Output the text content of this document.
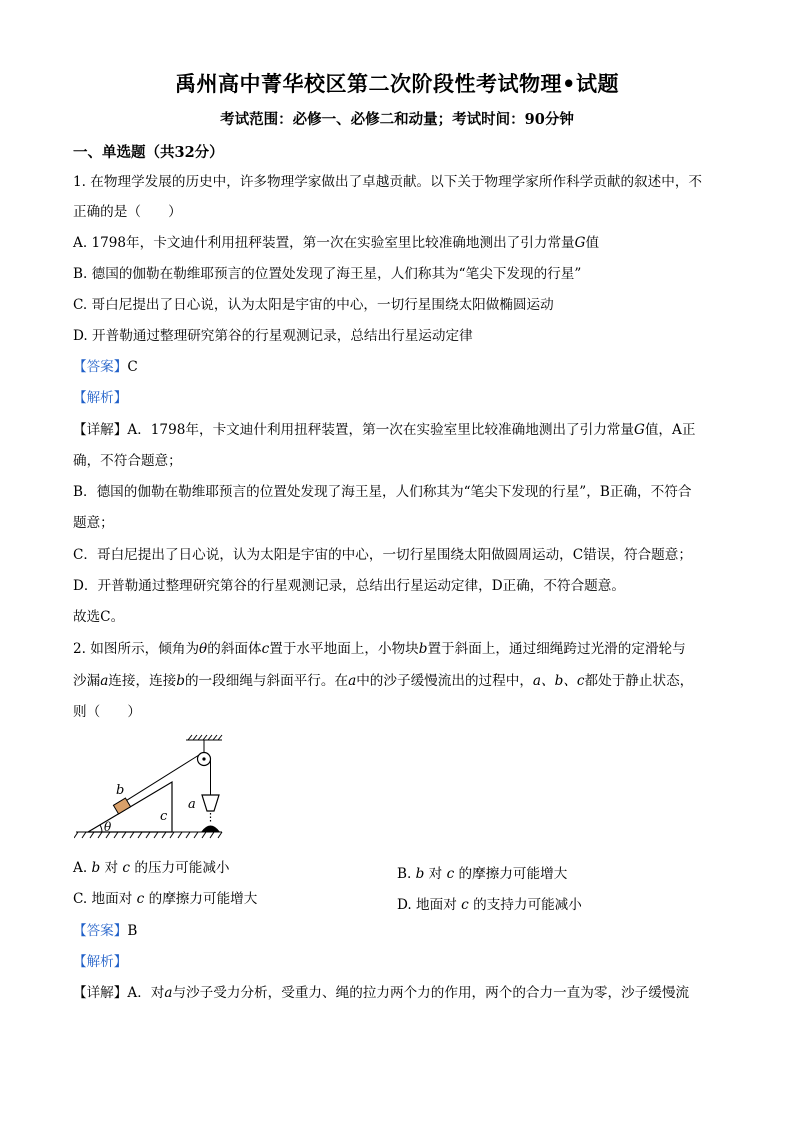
禹州高中菁华校区第二次阶段性考试物理•试题
考试范围：必修一、必修二和动量；考试时间：90分钟
一、单选题（共32分）
1. 在物理学发展的历史中，许多物理学家做出了卓越贡献。以下关于物理学家所作科学贡献的叙述中，不
正确的是（　　）
A. 1798年，卡文迪什利用扭秤装置，第一次在实验室里比较准确地测出了引力常量G值
B. 德国的伽勒在勒维耶预言的位置处发现了海王星，人们称其为“笔尖下发现的行星”
C. 哥白尼提出了日心说，认为太阳是宇宙的中心，一切行星围绕太阳做椭圆运动
D. 开普勒通过整理研究第谷的行星观测记录，总结出行星运动定律
【答案】C
【解析】
【详解】A．1798年，卡文迪什利用扭秤装置，第一次在实验室里比较准确地测出了引力常量G值，A正
确，不符合题意；
B．德国的伽勒在勒维耶预言的位置处发现了海王星，人们称其为“笔尖下发现的行星”，B正确，不符合
题意；
C．哥白尼提出了日心说，认为太阳是宇宙的中心，一切行星围绕太阳做圆周运动，C错误，符合题意；
D．开普勒通过整理研究第谷的行星观测记录，总结出行星运动定律，D正确，不符合题意。
故选C。
2. 如图所示，倾角为θ的斜面体c置于水平地面上，小物块b置于斜面上，通过细绳跨过光滑的定滑轮与
沙漏a连接，连接b的一段细绳与斜面平行。在a中的沙子缓慢流出的过程中，a、b、c都处于静止状态，
则（　　）
b
a
c
θ
A. b 对 c 的压力可能减小	B. b 对 c 的摩擦力可能增大
C. 地面对 c 的摩擦力可能增大	D. 地面对 c 的支持力可能减小
【答案】B
【解析】
【详解】A．对a与沙子受力分析，受重力、绳的拉力两个力的作用，两个的合力一直为零，沙子缓慢流
